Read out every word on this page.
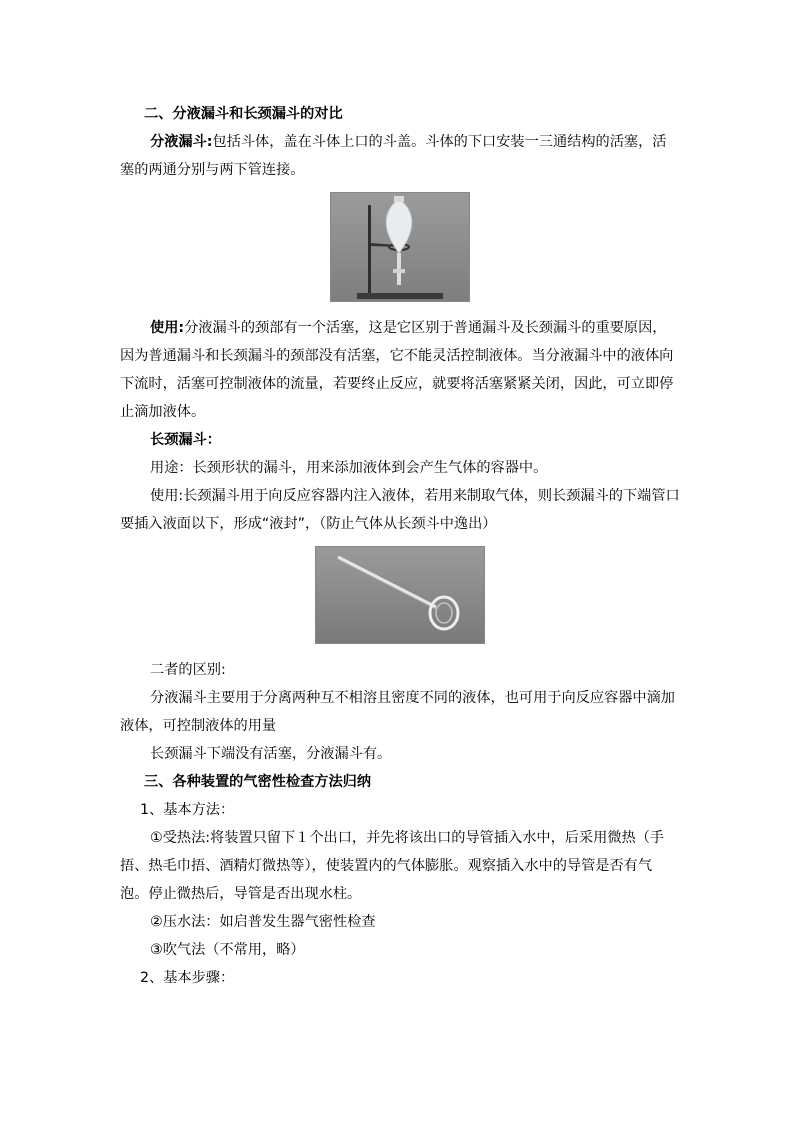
二、分液漏斗和长颈漏斗的对比

分液漏斗:包括斗体，盖在斗体上口的斗盖。斗体的下口安装一三通结构的活塞，活塞的两通分别与两下管连接。

使用:分液漏斗的颈部有一个活塞，这是它区别于普通漏斗及长颈漏斗的重要原因，因为普通漏斗和长颈漏斗的颈部没有活塞，它不能灵活控制液体。当分液漏斗中的液体向下流时，活塞可控制液体的流量，若要终止反应，就要将活塞紧紧关闭，因此，可立即停止滴加液体。

长颈漏斗：

用途：长颈形状的漏斗，用来添加液体到会产生气体的容器中。

使用:长颈漏斗用于向反应容器内注入液体，若用来制取气体，则长颈漏斗的下端管口要插入液面以下，形成“液封”，（防止气体从长颈斗中逸出）

二者的区别:

分液漏斗主要用于分离两种互不相溶且密度不同的液体，也可用于向反应容器中滴加液体，可控制液体的用量

长颈漏斗下端没有活塞，分液漏斗有。

三、各种装置的气密性检查方法归纳

1、基本方法：

①受热法:将装置只留下１个出口，并先将该出口的导管插入水中，后采用微热（手捂、热毛巾捂、酒精灯微热等），使装置内的气体膨胀。观察插入水中的导管是否有气泡。停止微热后，导管是否出现水柱。

②压水法：如启普发生器气密性检查

③吹气法（不常用，略）

2、基本步骤：
